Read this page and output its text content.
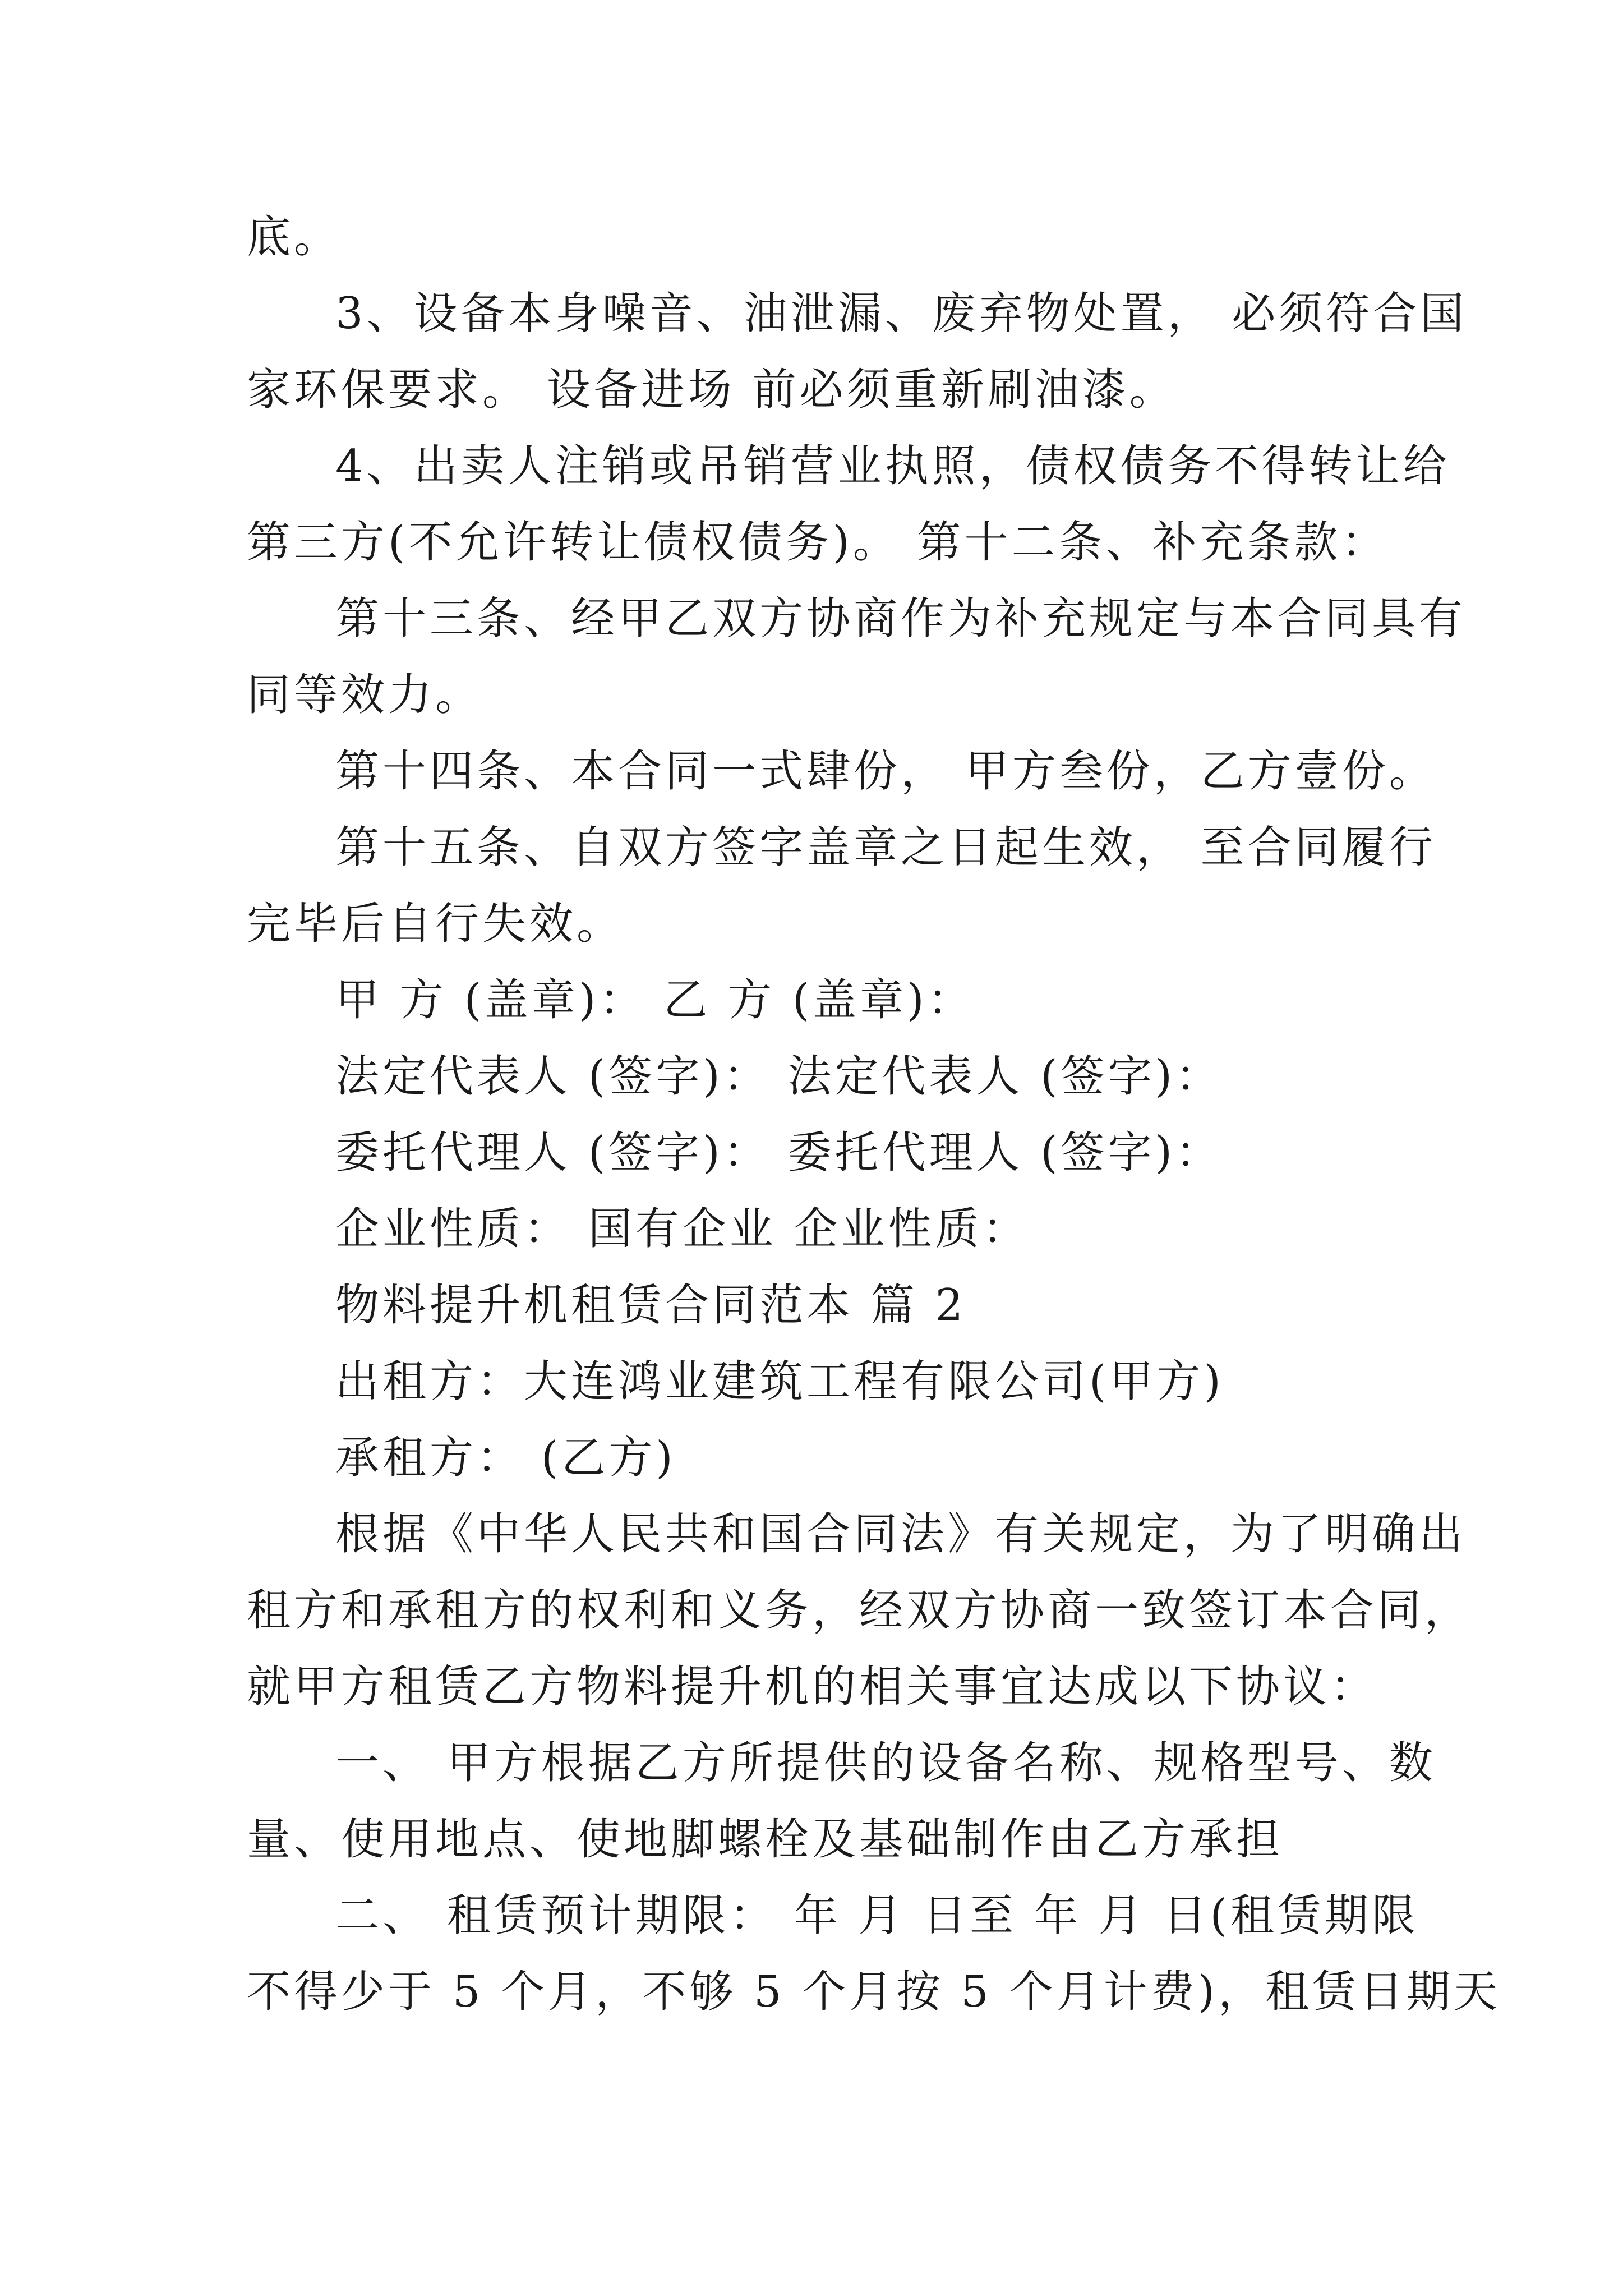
底。
3、设备本身噪音、油泄漏、废弃物处置， 必须符合国
家环保要求。 设备进场 前必须重新刷油漆。
4、出卖人注销或吊销营业执照，债权债务不得转让给
第三方(不允许转让债权债务)。 第十二条、补充条款：
第十三条、经甲乙双方协商作为补充规定与本合同具有
同等效力。
第十四条、本合同一式肆份， 甲方叁份，乙方壹份。
第十五条、自双方签字盖章之日起生效， 至合同履行
完毕后自行失效。
甲 方 (盖章)： 乙 方 (盖章)：
法定代表人 (签字)： 法定代表人 (签字)：
委托代理人 (签字)： 委托代理人 (签字)：
企业性质： 国有企业 企业性质：
物料提升机租赁合同范本 篇 2
出租方：大连鸿业建筑工程有限公司(甲方)
承租方： (乙方)
根据《中华人民共和国合同法》有关规定，为了明确出
租方和承租方的权利和义务，经双方协商一致签订本合同，
就甲方租赁乙方物料提升机的相关事宜达成以下协议：
一、 甲方根据乙方所提供的设备名称、规格型号、数
量、使用地点、使地脚螺栓及基础制作由乙方承担
二、 租赁预计期限： 年 月 日至 年 月 日(租赁期限
不得少于 5 个月，不够 5 个月按 5 个月计费)，租赁日期天
